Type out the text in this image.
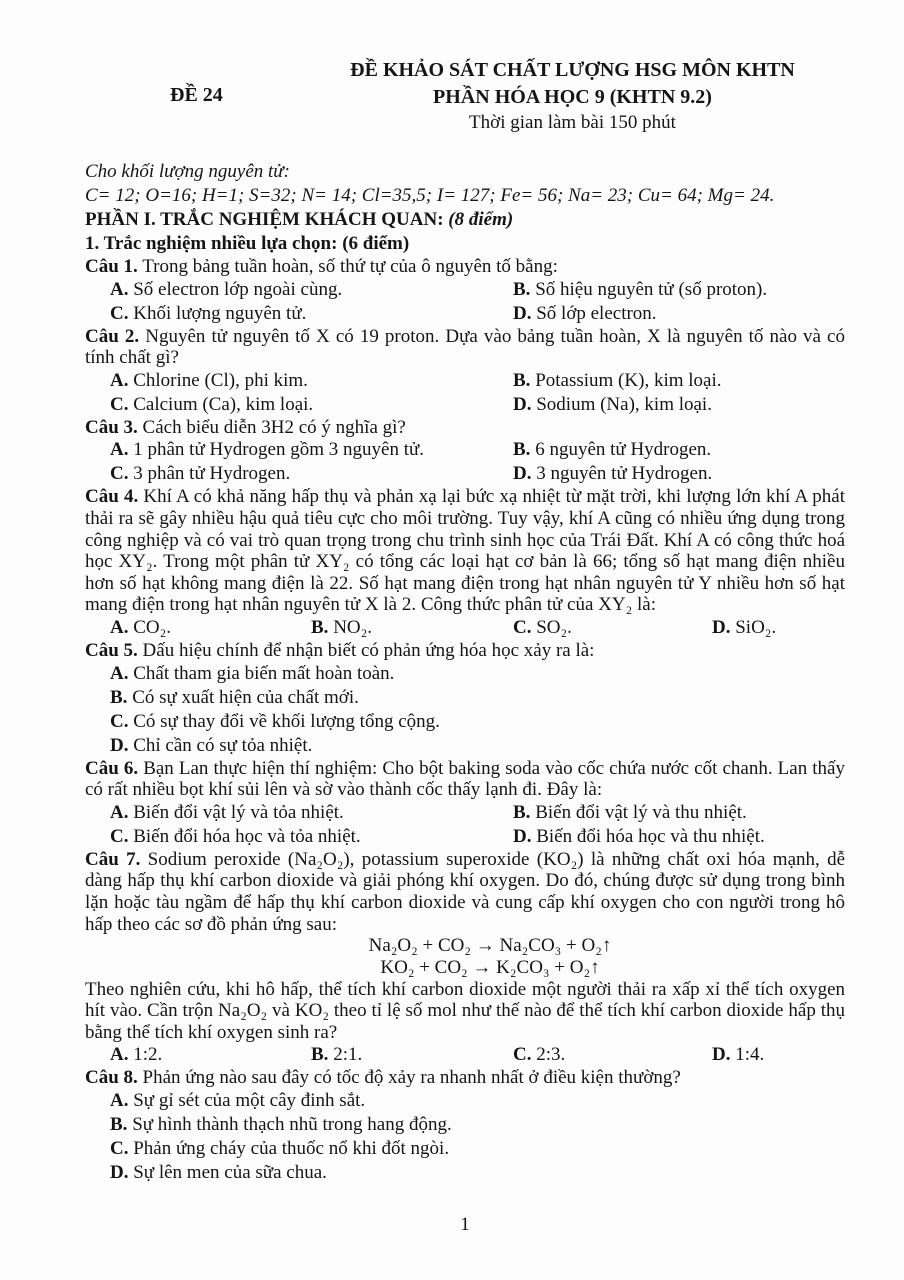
ĐỀ KHẢO SÁT CHẤT LƯỢNG HSG MÔN KHTN
ĐỀ 24	PHẦN HÓA HỌC 9 (KHTN 9.2)
Thời gian làm bài 150 phút

Cho khối lượng nguyên tử:

C= 12; O=16; H=1; S=32; N= 14; Cl=35,5; I= 127; Fe= 56; Na= 23; Cu= 64; Mg= 24.

PHẦN I. TRẮC NGHIỆM KHÁCH QUAN: (8 điểm)

1. Trắc nghiệm nhiều lựa chọn: (6 điểm)

Câu 1. Trong bảng tuần hoàn, số thứ tự của ô nguyên tố bằng:

A. Số electron lớp ngoài cùng.	B. Số hiệu nguyên tử (số proton).
C. Khối lượng nguyên tử.	D. Số lớp electron.

Câu 2. Nguyên tử nguyên tố X có 19 proton. Dựa vào bảng tuần hoàn, X là nguyên tố nào và có tính chất gì?

A. Chlorine (Cl), phi kim.	B. Potassium (K), kim loại.
C. Calcium (Ca), kim loại.	D. Sodium (Na), kim loại.

Câu 3. Cách biểu diễn 3H2 có ý nghĩa gì?

A. 1 phân tử Hydrogen gồm 3 nguyên tử.	B. 6 nguyên tử Hydrogen.
C. 3 phân tử Hydrogen.	D. 3 nguyên tử Hydrogen.

Câu 4. Khí A có khả năng hấp thụ và phản xạ lại bức xạ nhiệt từ mặt trời, khi lượng lớn khí A phát thải ra sẽ gây nhiều hậu quả tiêu cực cho môi trường. Tuy vậy, khí A cũng có nhiều ứng dụng trong công nghiệp và có vai trò quan trọng trong chu trình sinh học của Trái Đất. Khí A có công thức hoá học XY₂. Trong một phân tử XY₂ có tổng các loại hạt cơ bản là 66; tổng số hạt mang điện nhiều hơn số hạt không mang điện là 22. Số hạt mang điện trong hạt nhân nguyên tử Y nhiều hơn số hạt mang điện trong hạt nhân nguyên tử X là 2. Công thức phân tử của XY₂ là:

A. CO₂.	B. NO₂.	C. SO₂.	D. SiO₂.

Câu 5. Dấu hiệu chính để nhận biết có phản ứng hóa học xảy ra là:

A. Chất tham gia biến mất hoàn toàn.
B. Có sự xuất hiện của chất mới.
C. Có sự thay đổi về khối lượng tổng cộng.
D. Chỉ cần có sự tỏa nhiệt.

Câu 6. Bạn Lan thực hiện thí nghiệm: Cho bột baking soda vào cốc chứa nước cốt chanh. Lan thấy có rất nhiều bọt khí sủi lên và sờ vào thành cốc thấy lạnh đi. Đây là:

A. Biến đổi vật lý và tỏa nhiệt.	B. Biến đổi vật lý và thu nhiệt.
C. Biến đổi hóa học và tỏa nhiệt.	D. Biến đổi hóa học và thu nhiệt.

Câu 7. Sodium peroxide (Na₂O₂), potassium superoxide (KO₂) là những chất oxi hóa mạnh, dễ dàng hấp thụ khí carbon dioxide và giải phóng khí oxygen. Do đó, chúng được sử dụng trong bình lặn hoặc tàu ngầm để hấp thụ khí carbon dioxide và cung cấp khí oxygen cho con người trong hô hấp theo các sơ đồ phản ứng sau:

Na₂O₂ + CO₂ → Na₂CO₃ + O₂↑
KO₂ + CO₂ → K₂CO₃ + O₂↑

Theo nghiên cứu, khi hô hấp, thể tích khí carbon dioxide một người thải ra xấp xỉ thể tích oxygen hít vào. Cần trộn Na₂O₂ và KO₂ theo tỉ lệ số mol như thế nào để thể tích khí carbon dioxide hấp thụ bằng thể tích khí oxygen sinh ra?

A. 1:2.	B. 2:1.	C. 2:3.	D. 1:4.

Câu 8. Phản ứng nào sau đây có tốc độ xảy ra nhanh nhất ở điều kiện thường?

A. Sự gỉ sét của một cây đinh sắt.
B. Sự hình thành thạch nhũ trong hang động.
C. Phản ứng cháy của thuốc nổ khi đốt ngòi.
D. Sự lên men của sữa chua.
1
